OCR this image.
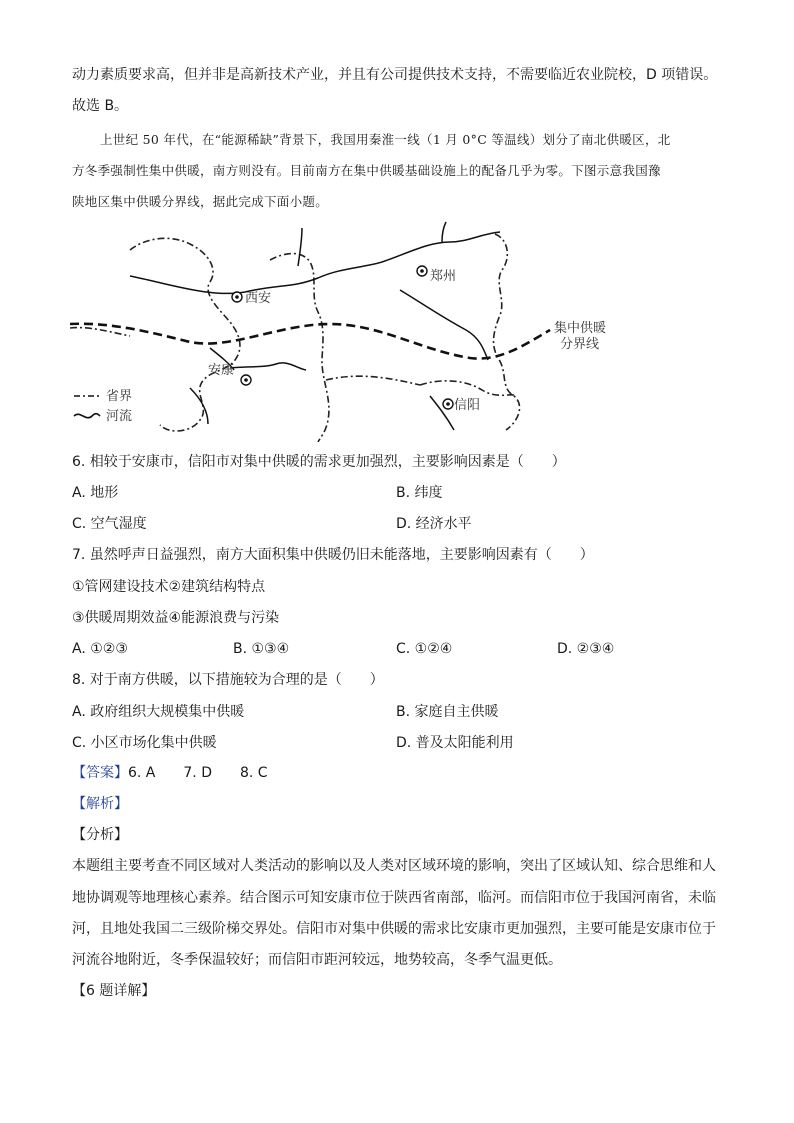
动力素质要求高，但并非是高新技术产业，并且有公司提供技术支持，不需要临近农业院校，D 项错误。
故选 B。
上世纪 50 年代，在“能源稀缺”背景下，我国用秦淮一线（1 月 0°C 等温线）划分了南北供暖区，北
方冬季强制性集中供暖，南方则没有。目前南方在集中供暖基础设施上的配备几乎为零。下图示意我国豫
陕地区集中供暖分界线，据此完成下面小题。
西安
郑州
安康
信阳
集中供暖
分界线
省界
河流
6. 相较于安康市，信阳市对集中供暖的需求更加强烈，主要影响因素是（　　）
A. 地形	B. 纬度
C. 空气湿度	D. 经济水平
7. 虽然呼声日益强烈，南方大面积集中供暖仍旧未能落地，主要影响因素有（　　）
①管网建设技术②建筑结构特点
③供暖周期效益④能源浪费与污染
A. ①②③	B. ①③④	C. ①②④	D. ②③④
8. 对于南方供暖，以下措施较为合理的是（　　）
A. 政府组织大规模集中供暖	B. 家庭自主供暖
C. 小区市场化集中供暖	D. 普及太阳能利用
【答案】6. A　　7. D　　8. C
【解析】
【分析】
本题组主要考查不同区域对人类活动的影响以及人类对区域环境的影响，突出了区域认知、综合思维和人
地协调观等地理核心素养。结合图示可知安康市位于陕西省南部，临河。而信阳市位于我国河南省，未临
河，且地处我国二三级阶梯交界处。信阳市对集中供暖的需求比安康市更加强烈，主要可能是安康市位于
河流谷地附近，冬季保温较好；而信阳市距河较远，地势较高，冬季气温更低。
【6 题详解】
